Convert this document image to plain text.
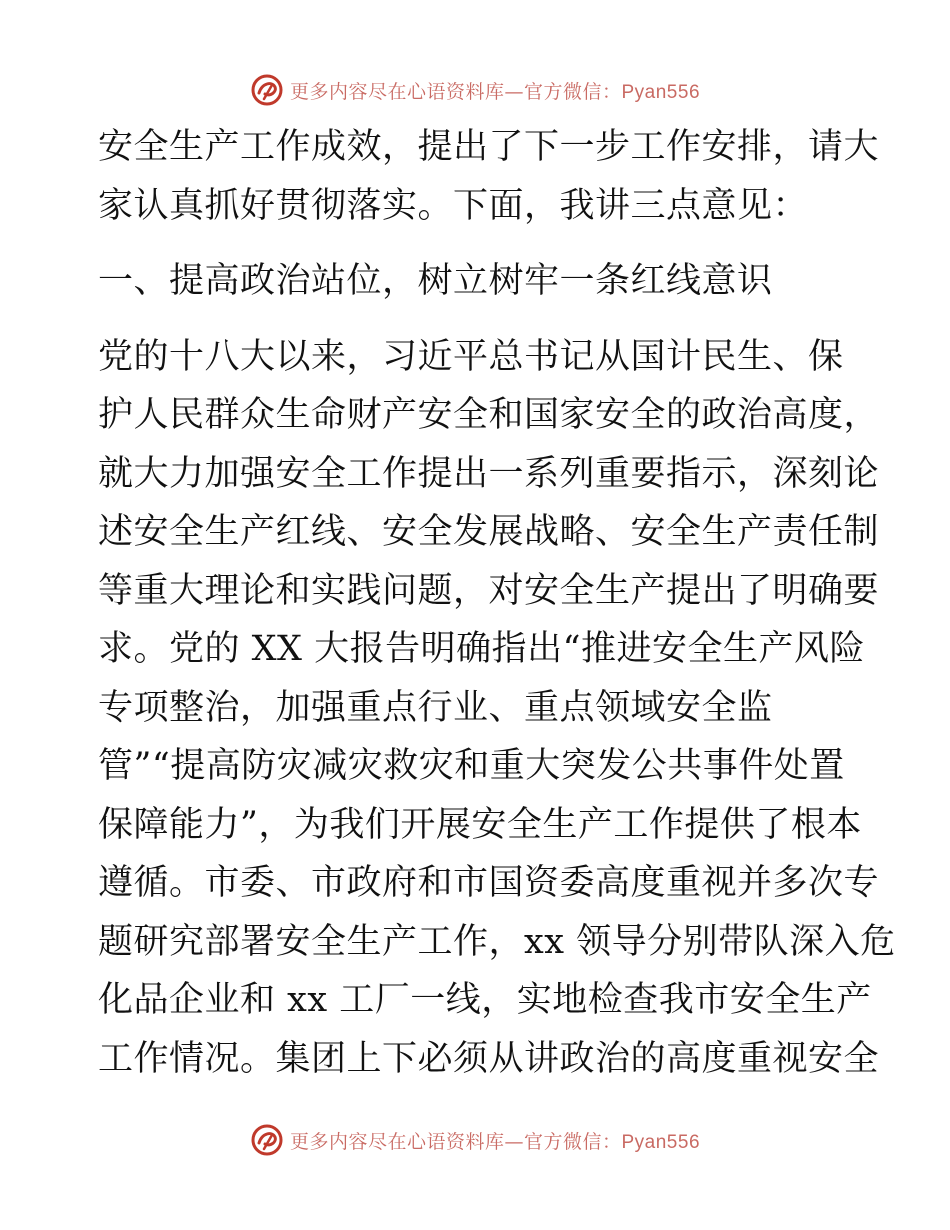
更多内容尽在心语资料库—官方微信：Pyan556
安全生产工作成效，提出了下一步工作安排，请大
家认真抓好贯彻落实。下面，我讲三点意见：
一、提高政治站位，树立树牢一条红线意识
党的十八大以来，习近平总书记从国计民生、保
护人民群众生命财产安全和国家安全的政治高度，
就大力加强安全工作提出一系列重要指示，深刻论
述安全生产红线、安全发展战略、安全生产责任制
等重大理论和实践问题，对安全生产提出了明确要
求。党的 XX 大报告明确指出“推进安全生产风险
专项整治，加强重点行业、重点领域安全监
管”“提高防灾减灾救灾和重大突发公共事件处置
保障能力”，为我们开展安全生产工作提供了根本
遵循。市委、市政府和市国资委高度重视并多次专
题研究部署安全生产工作，xx 领导分别带队深入危
化品企业和 xx 工厂一线，实地检查我市安全生产
工作情况。集团上下必须从讲政治的高度重视安全
更多内容尽在心语资料库—官方微信：Pyan556
